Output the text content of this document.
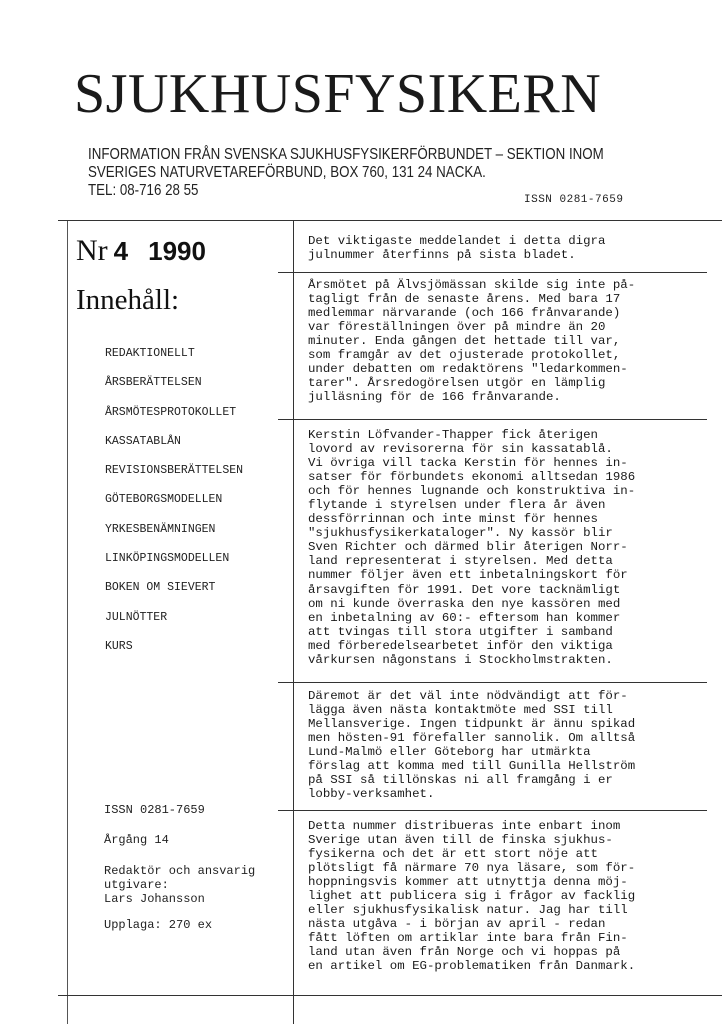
SJUKHUSFYSIKERN
INFORMATION FRÅN SVENSKA SJUKHUSFYSIKERFÖRBUNDET – SEKTION INOM
SVERIGES NATURVETAREFÖRBUND, BOX 760, 131 24 NACKA.
TEL: 08-716 28 55
ISSN 0281-7659
Nr 4 1990
Innehåll:
REDAKTIONELLT
ÅRSBERÄTTELSEN
ÅRSMÖTESPROTOKOLLET
KASSATABLÅN
REVISIONSBERÄTTELSEN
GÖTEBORGSMODELLEN
YRKESBENÄMNINGEN
LINKÖPINGSMODELLEN
BOKEN OM SIEVERT
JULNÖTTER
KURS

ISSN 0281-7659

Årgång 14

Redaktör och ansvarig
utgivare:
Lars Johansson

Upplaga: 270 ex

Det viktigaste meddelandet i detta digra
julnummer återfinns på sista bladet.

Årsmötet på Älvsjömässan skilde sig inte på-
tagligt från de senaste årens. Med bara 17
medlemmar närvarande (och 166 frånvarande)
var föreställningen över på mindre än 20
minuter. Enda gången det hettade till var,
som framgår av det ojusterade protokollet,
under debatten om redaktörens "ledarkommen-
tarer". Årsredogörelsen utgör en lämplig
julläsning för de 166 frånvarande.

Kerstin Löfvander-Thapper fick återigen
lovord av revisorerna för sin kassatablå.
Vi övriga vill tacka Kerstin för hennes in-
satser för förbundets ekonomi alltsedan 1986
och för hennes lugnande och konstruktiva in-
flytande i styrelsen under flera år även
dessförrinnan och inte minst för hennes
"sjukhusfysikerkataloger". Ny kassör blir
Sven Richter och därmed blir återigen Norr-
land representerat i styrelsen. Med detta
nummer följer även ett inbetalningskort för
årsavgiften för 1991. Det vore tacknämligt
om ni kunde överraska den nye kassören med
en inbetalning av 60:- eftersom han kommer
att tvingas till stora utgifter i samband
med förberedelsearbetet inför den viktiga
vårkursen någonstans i Stockholmstrakten.

Däremot är det väl inte nödvändigt att för-
lägga även nästa kontaktmöte med SSI till
Mellansverige. Ingen tidpunkt är ännu spikad
men hösten-91 förefaller sannolik. Om alltså
Lund-Malmö eller Göteborg har utmärkta
förslag att komma med till Gunilla Hellström
på SSI så tillönskas ni all framgång i er
lobby-verksamhet.

Detta nummer distribueras inte enbart inom
Sverige utan även till de finska sjukhus-
fysikerna och det är ett stort nöje att
plötsligt få närmare 70 nya läsare, som för-
hoppningsvis kommer att utnyttja denna möj-
lighet att publicera sig i frågor av facklig
eller sjukhusfysikalisk natur. Jag har till
nästa utgåva - i början av april - redan
fått löften om artiklar inte bara från Fin-
land utan även från Norge och vi hoppas på
en artikel om EG-problematiken från Danmark.
